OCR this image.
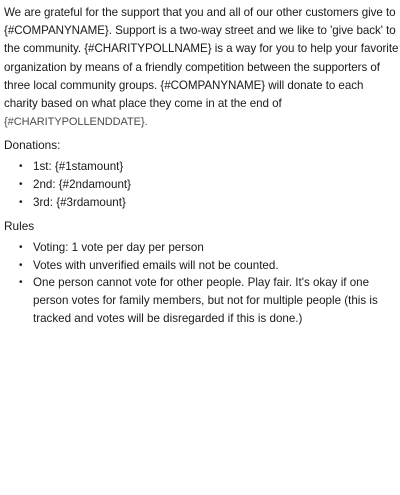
We are grateful for the support that you and all of our other customers give to {#COMPANYNAME}. Support is a two-way street and we like to 'give back' to the community. {#CHARITYPOLLNAME} is a way for you to help your favorite organization by means of a friendly competition between the supporters of three local community groups. {#COMPANYNAME} will donate to each charity based on what place they come in at the end of {#CHARITYPOLLENDDATE}.

Donations:

• 1st: {#1stamount}
• 2nd: {#2ndamount}
• 3rd: {#3rdamount}

Rules

• Voting: 1 vote per day per person
• Votes with unverified emails will not be counted.
• One person cannot vote for other people. Play fair. It's okay if one person votes for family members, but not for multiple people (this is tracked and votes will be disregarded if this is done.)
